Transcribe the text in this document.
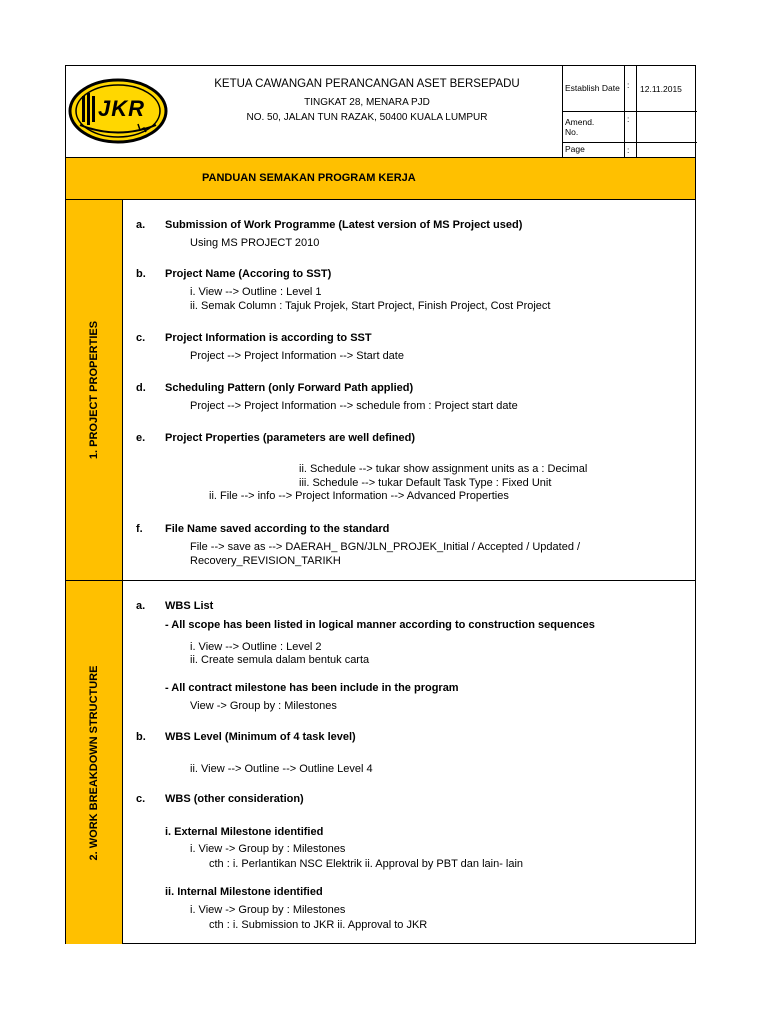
JKR
KETUA CAWANGAN PERANCANGAN ASET BERSEPADU
TINGKAT 28, MENARA PJD
NO. 50, JALAN TUN RAZAK, 50400 KUALA LUMPUR
Establish Date : 12.11.2015
Amend. No.
:
Page	:
PANDUAN SEMAKAN PROGRAM KERJA
1. PROJECT PROPERTIES
a. Submission of Work Programme (Latest version of MS Project used)
Using MS PROJECT 2010
b. Project Name (Accoring to SST)
i. View --> Outline : Level 1
ii. Semak Column : Tajuk Projek, Start Project, Finish Project, Cost Project
c. Project Information is according to SST
Project --> Project Information --> Start date
d. Scheduling Pattern (only Forward Path applied)
Project --> Project Information --> schedule from : Project start date
e. Project Properties (parameters are well defined)
ii. Schedule --> tukar show assignment units as a : Decimal
iii. Schedule --> tukar Default Task Type : Fixed Unit
ii. File --> info --> Project Information --> Advanced Properties
f. File Name saved according to the standard
File --> save as --> DAERAH_ BGN/JLN_PROJEK_Initial / Accepted / Updated /
Recovery_REVISION_TARIKH
2. WORK BREAKDOWN STRUCTURE
a. WBS List
- All scope has been listed in logical manner according to construction sequences
i. View --> Outline : Level 2
ii. Create semula dalam bentuk carta
- All contract milestone has been include in the program
View -> Group by : Milestones
b. WBS Level (Minimum of 4 task level)
ii. View --> Outline --> Outline Level 4
c. WBS (other consideration)
i. External Milestone identified
i. View -> Group by : Milestones
cth : i. Perlantikan NSC Elektrik ii. Approval by PBT dan lain- lain
ii. Internal Milestone identified
i. View -> Group by : Milestones
cth : i. Submission to JKR ii. Approval to JKR
